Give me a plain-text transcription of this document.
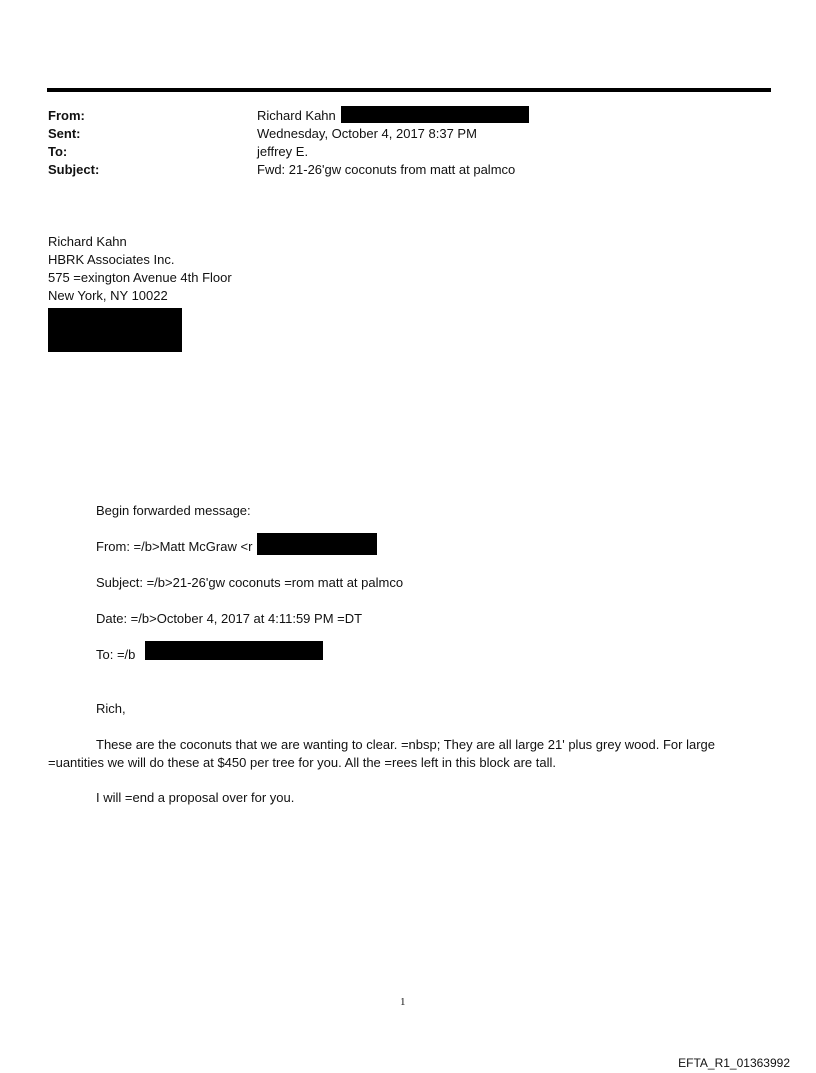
From:	Richard Kahn
Sent:	Wednesday, October 4, 2017 8:37 PM
To:	jeffrey E.
Subject:	Fwd: 21-26'gw coconuts from matt at palmco
Richard Kahn
HBRK Associates Inc.
575 =exington Avenue 4th Floor
New York, NY 10022
Begin forwarded message:
From: =/b>Matt McGraw <r
Subject: =/b>21-26'gw coconuts =rom matt at palmco
Date: =/b>October 4, 2017 at 4:11:59 PM =DT
To: =/b
Rich,
These are the coconuts that we are wanting to clear. =nbsp; They are all large 21' plus grey wood. For large =uantities we will do these at $450 per tree for you. All the =rees left in this block are tall.
I will =end a proposal over for you.
1
EFTA_R1_01363992
